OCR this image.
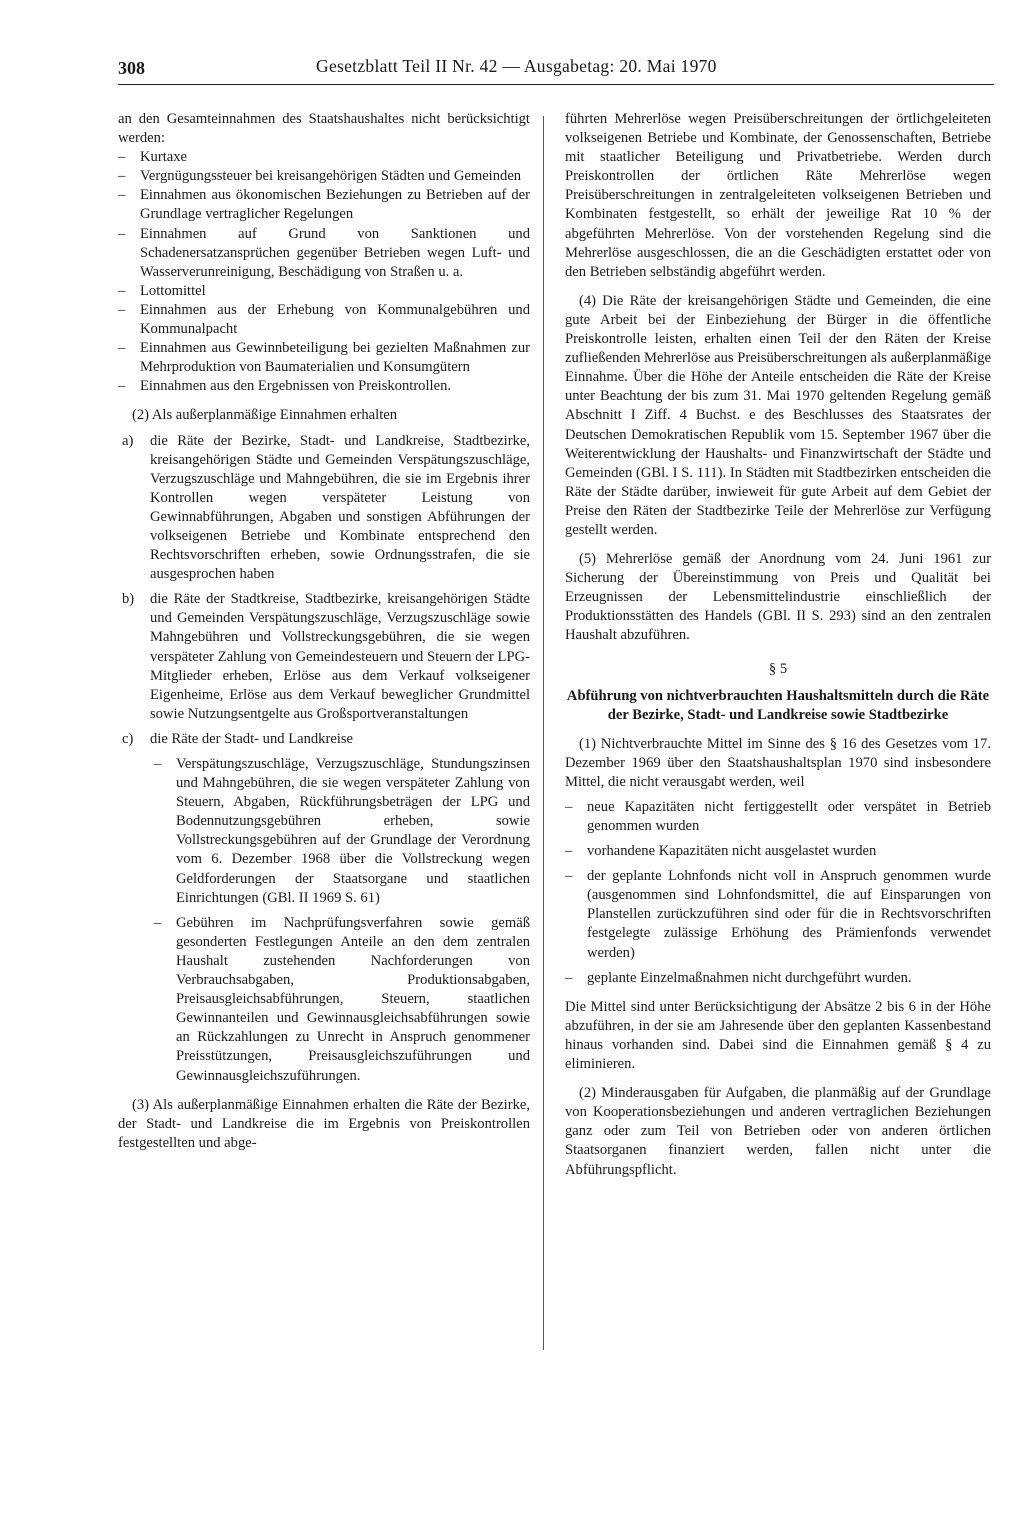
308	Gesetzblatt Teil II Nr. 42 — Ausgabetag: 20. Mai 1970

an den Gesamteinnahmen des Staatshaushaltes nicht berücksichtigt werden:

– Kurtaxe
– Vergnügungssteuer bei kreisangehörigen Städten und Gemeinden
– Einnahmen aus ökonomischen Beziehungen zu Betrieben auf der Grundlage vertraglicher Regelungen
– Einnahmen auf Grund von Sanktionen und Schadenersatzansprüchen gegenüber Betrieben wegen Luft- und Wasserverunreinigung, Beschädigung von Straßen u. a.
– Lottomittel
– Einnahmen aus der Erhebung von Kommunalgebühren und Kommunalpacht
– Einnahmen aus Gewinnbeteiligung bei gezielten Maßnahmen zur Mehrproduktion von Baumaterialien und Konsumgütern
– Einnahmen aus den Ergebnissen von Preiskontrollen.

(2) Als außerplanmäßige Einnahmen erhalten

a) die Räte der Bezirke, Stadt- und Landkreise, Stadtbezirke, kreisangehörigen Städte und Gemeinden Verspätungszuschläge, Verzugszuschläge und Mahngebühren, die sie im Ergebnis ihrer Kontrollen wegen verspäteter Leistung von Gewinnabführungen, Abgaben und sonstigen Abführungen der volkseigenen Betriebe und Kombinate entsprechend den Rechtsvorschriften erheben, sowie Ordnungsstrafen, die sie ausgesprochen haben
b) die Räte der Stadtkreise, Stadtbezirke, kreisangehörigen Städte und Gemeinden Verspätungszuschläge, Verzugszuschläge sowie Mahngebühren und Vollstreckungsgebühren, die sie wegen verspäteter Zahlung von Gemeindesteuern und Steuern der LPG-Mitglieder erheben, Erlöse aus dem Verkauf volkseigener Eigenheime, Erlöse aus dem Verkauf beweglicher Grundmittel sowie Nutzungsentgelte aus Großsportveranstaltungen
c) die Räte der Stadt- und Landkreise
– Verspätungszuschläge, Verzugszuschläge, Stundungszinsen und Mahngebühren, die sie wegen verspäteter Zahlung von Steuern, Abgaben, Rückführungsbeträgen der LPG und Bodennutzungsgebühren erheben, sowie Vollstreckungsgebühren auf der Grundlage der Verordnung vom 6. Dezember 1968 über die Vollstreckung wegen Geldforderungen der Staatsorgane und staatlichen Einrichtungen (GBl. II 1969 S. 61)
– Gebühren im Nachprüfungsverfahren sowie gemäß gesonderten Festlegungen Anteile an den dem zentralen Haushalt zustehenden Nachforderungen von Verbrauchsabgaben, Produktionsabgaben, Preisausgleichsabführungen, Steuern, staatlichen Gewinnanteilen und Gewinnausgleichsabführungen sowie an Rückzahlungen zu Unrecht in Anspruch genommener Preisstützungen, Preisausgleichszuführungen und Gewinnausgleichszuführungen.

(3) Als außerplanmäßige Einnahmen erhalten die Räte der Bezirke, der Stadt- und Landkreise die im Ergebnis von Preiskontrollen festgestellten und abge-

führten Mehrerlöse wegen Preisüberschreitungen der örtlichgeleiteten volkseigenen Betriebe und Kombinate, der Genossenschaften, Betriebe mit staatlicher Beteiligung und Privatbetriebe. Werden durch Preiskontrollen der örtlichen Räte Mehrerlöse wegen Preisüberschreitungen in zentralgeleiteten volkseigenen Betrieben und Kombinaten festgestellt, so erhält der jeweilige Rat 10 % der abgeführten Mehrerlöse. Von der vorstehenden Regelung sind die Mehrerlöse ausgeschlossen, die an die Geschädigten erstattet oder von den Betrieben selbständig abgeführt werden.

(4) Die Räte der kreisangehörigen Städte und Gemeinden, die eine gute Arbeit bei der Einbeziehung der Bürger in die öffentliche Preiskontrolle leisten, erhalten einen Teil der den Räten der Kreise zufließenden Mehrerlöse aus Preisüberschreitungen als außerplanmäßige Einnahme. Über die Höhe der Anteile entscheiden die Räte der Kreise unter Beachtung der bis zum 31. Mai 1970 geltenden Regelung gemäß Abschnitt I Ziff. 4 Buchst. e des Beschlusses des Staatsrates der Deutschen Demokratischen Republik vom 15. September 1967 über die Weiterentwicklung der Haushalts- und Finanzwirtschaft der Städte und Gemeinden (GBl. I S. 111). In Städten mit Stadtbezirken entscheiden die Räte der Städte darüber, inwieweit für gute Arbeit auf dem Gebiet der Preise den Räten der Stadtbezirke Teile der Mehrerlöse zur Verfügung gestellt werden.

(5) Mehrerlöse gemäß der Anordnung vom 24. Juni 1961 zur Sicherung der Übereinstimmung von Preis und Qualität bei Erzeugnissen der Lebensmittelindustrie einschließlich der Produktionsstätten des Handels (GBl. II S. 293) sind an den zentralen Haushalt abzuführen.

§ 5
Abführung von nichtverbrauchten Haushaltsmitteln durch die Räte der Bezirke, Stadt- und Landkreise sowie Stadtbezirke

(1) Nichtverbrauchte Mittel im Sinne des § 16 des Gesetzes vom 17. Dezember 1969 über den Staatshaushaltsplan 1970 sind insbesondere Mittel, die nicht verausgabt werden, weil

– neue Kapazitäten nicht fertiggestellt oder verspätet in Betrieb genommen wurden
– vorhandene Kapazitäten nicht ausgelastet wurden
– der geplante Lohnfonds nicht voll in Anspruch genommen wurde (ausgenommen sind Lohnfondsmittel, die auf Einsparungen von Planstellen zurückzuführen sind oder für die in Rechtsvorschriften festgelegte zulässige Erhöhung des Prämienfonds verwendet werden)
– geplante Einzelmaßnahmen nicht durchgeführt wurden.

Die Mittel sind unter Berücksichtigung der Absätze 2 bis 6 in der Höhe abzuführen, in der sie am Jahresende über den geplanten Kassenbestand hinaus vorhanden sind. Dabei sind die Einnahmen gemäß § 4 zu eliminieren.

(2) Minderausgaben für Aufgaben, die planmäßig auf der Grundlage von Kooperationsbeziehungen und anderen vertraglichen Beziehungen ganz oder zum Teil von Betrieben oder von anderen örtlichen Staatsorganen finanziert werden, fallen nicht unter die Abführungspflicht.
